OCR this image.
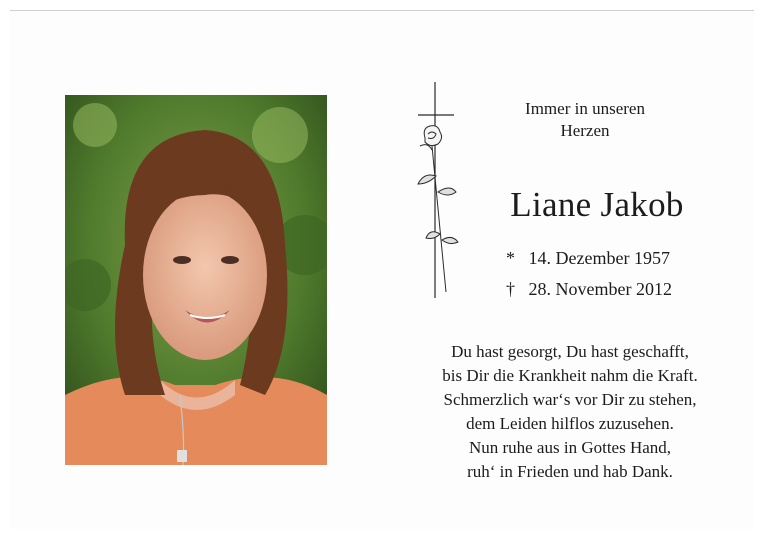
Immer in unseren
Herzen
Liane Jakob
* 14. Dezember 1957
† 28. November 2012
Du hast gesorgt, Du hast geschafft,
bis Dir die Krankheit nahm die Kraft.
Schmerzlich war‘s vor Dir zu stehen,
dem Leiden hilflos zuzusehen.
Nun ruhe aus in Gottes Hand,
ruh‘ in Frieden und hab Dank.
